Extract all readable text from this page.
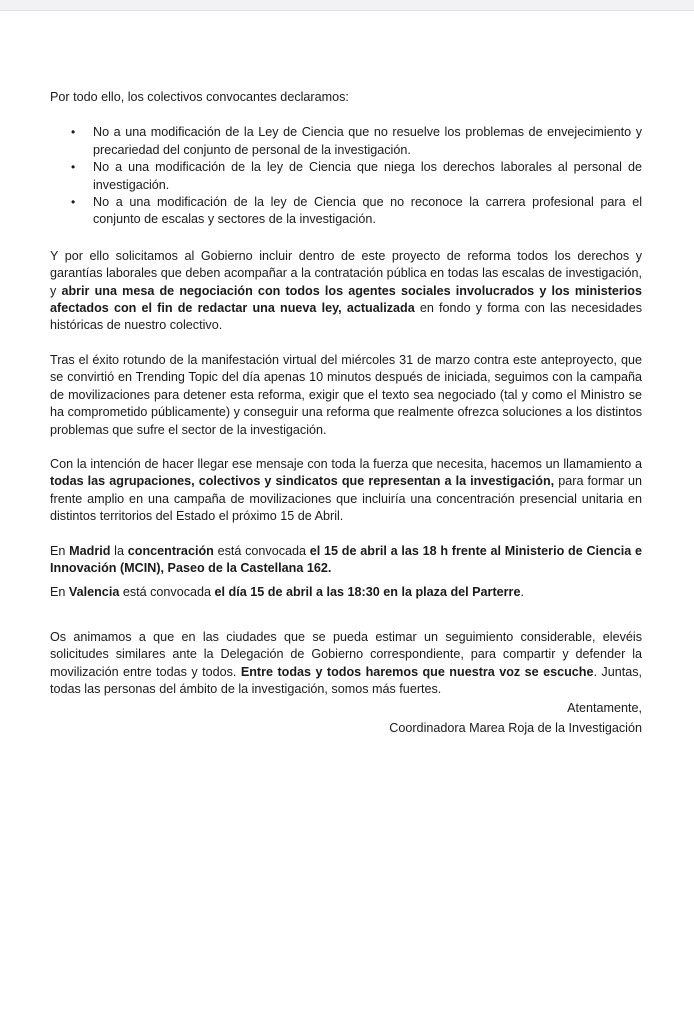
Por todo ello, los colectivos convocantes declaramos:

• No a una modificación de la Ley de Ciencia que no resuelve los problemas de envejecimiento y precariedad del conjunto de personal de la investigación.
• No a una modificación de la ley de Ciencia que niega los derechos laborales al personal de investigación.
• No a una modificación de la ley de Ciencia que no reconoce la carrera profesional para el conjunto de escalas y sectores de la investigación.

Y por ello solicitamos al Gobierno incluir dentro de este proyecto de reforma todos los derechos y garantías laborales que deben acompañar a la contratación pública en todas las escalas de investigación, y abrir una mesa de negociación con todos los agentes sociales involucrados y los ministerios afectados con el fin de redactar una nueva ley, actualizada en fondo y forma con las necesidades históricas de nuestro colectivo.

Tras el éxito rotundo de la manifestación virtual del miércoles 31 de marzo contra este anteproyecto, que se convirtió en Trending Topic del día apenas 10 minutos después de iniciada, seguimos con la campaña de movilizaciones para detener esta reforma, exigir que el texto sea negociado (tal y como el Ministro se ha comprometido públicamente) y conseguir una reforma que realmente ofrezca soluciones a los distintos problemas que sufre el sector de la investigación.

Con la intención de hacer llegar ese mensaje con toda la fuerza que necesita, hacemos un llamamiento a todas las agrupaciones, colectivos y sindicatos que representan a la investigación, para formar un frente amplio en una campaña de movilizaciones que incluiría una concentración presencial unitaria en distintos territorios del Estado el próximo 15 de Abril.

En Madrid la concentración está convocada el 15 de abril a las 18 h frente al Ministerio de Ciencia e Innovación (MCIN), Paseo de la Castellana 162.

En Valencia está convocada el día 15 de abril a las 18:30 en la plaza del Parterre.

Os animamos a que en las ciudades que se pueda estimar un seguimiento considerable, elevéis solicitudes similares ante la Delegación de Gobierno correspondiente, para compartir y defender la movilización entre todas y todos. Entre todas y todos haremos que nuestra voz se escuche. Juntas, todas las personas del ámbito de la investigación, somos más fuertes.

Atentamente,

Coordinadora Marea Roja de la Investigación
